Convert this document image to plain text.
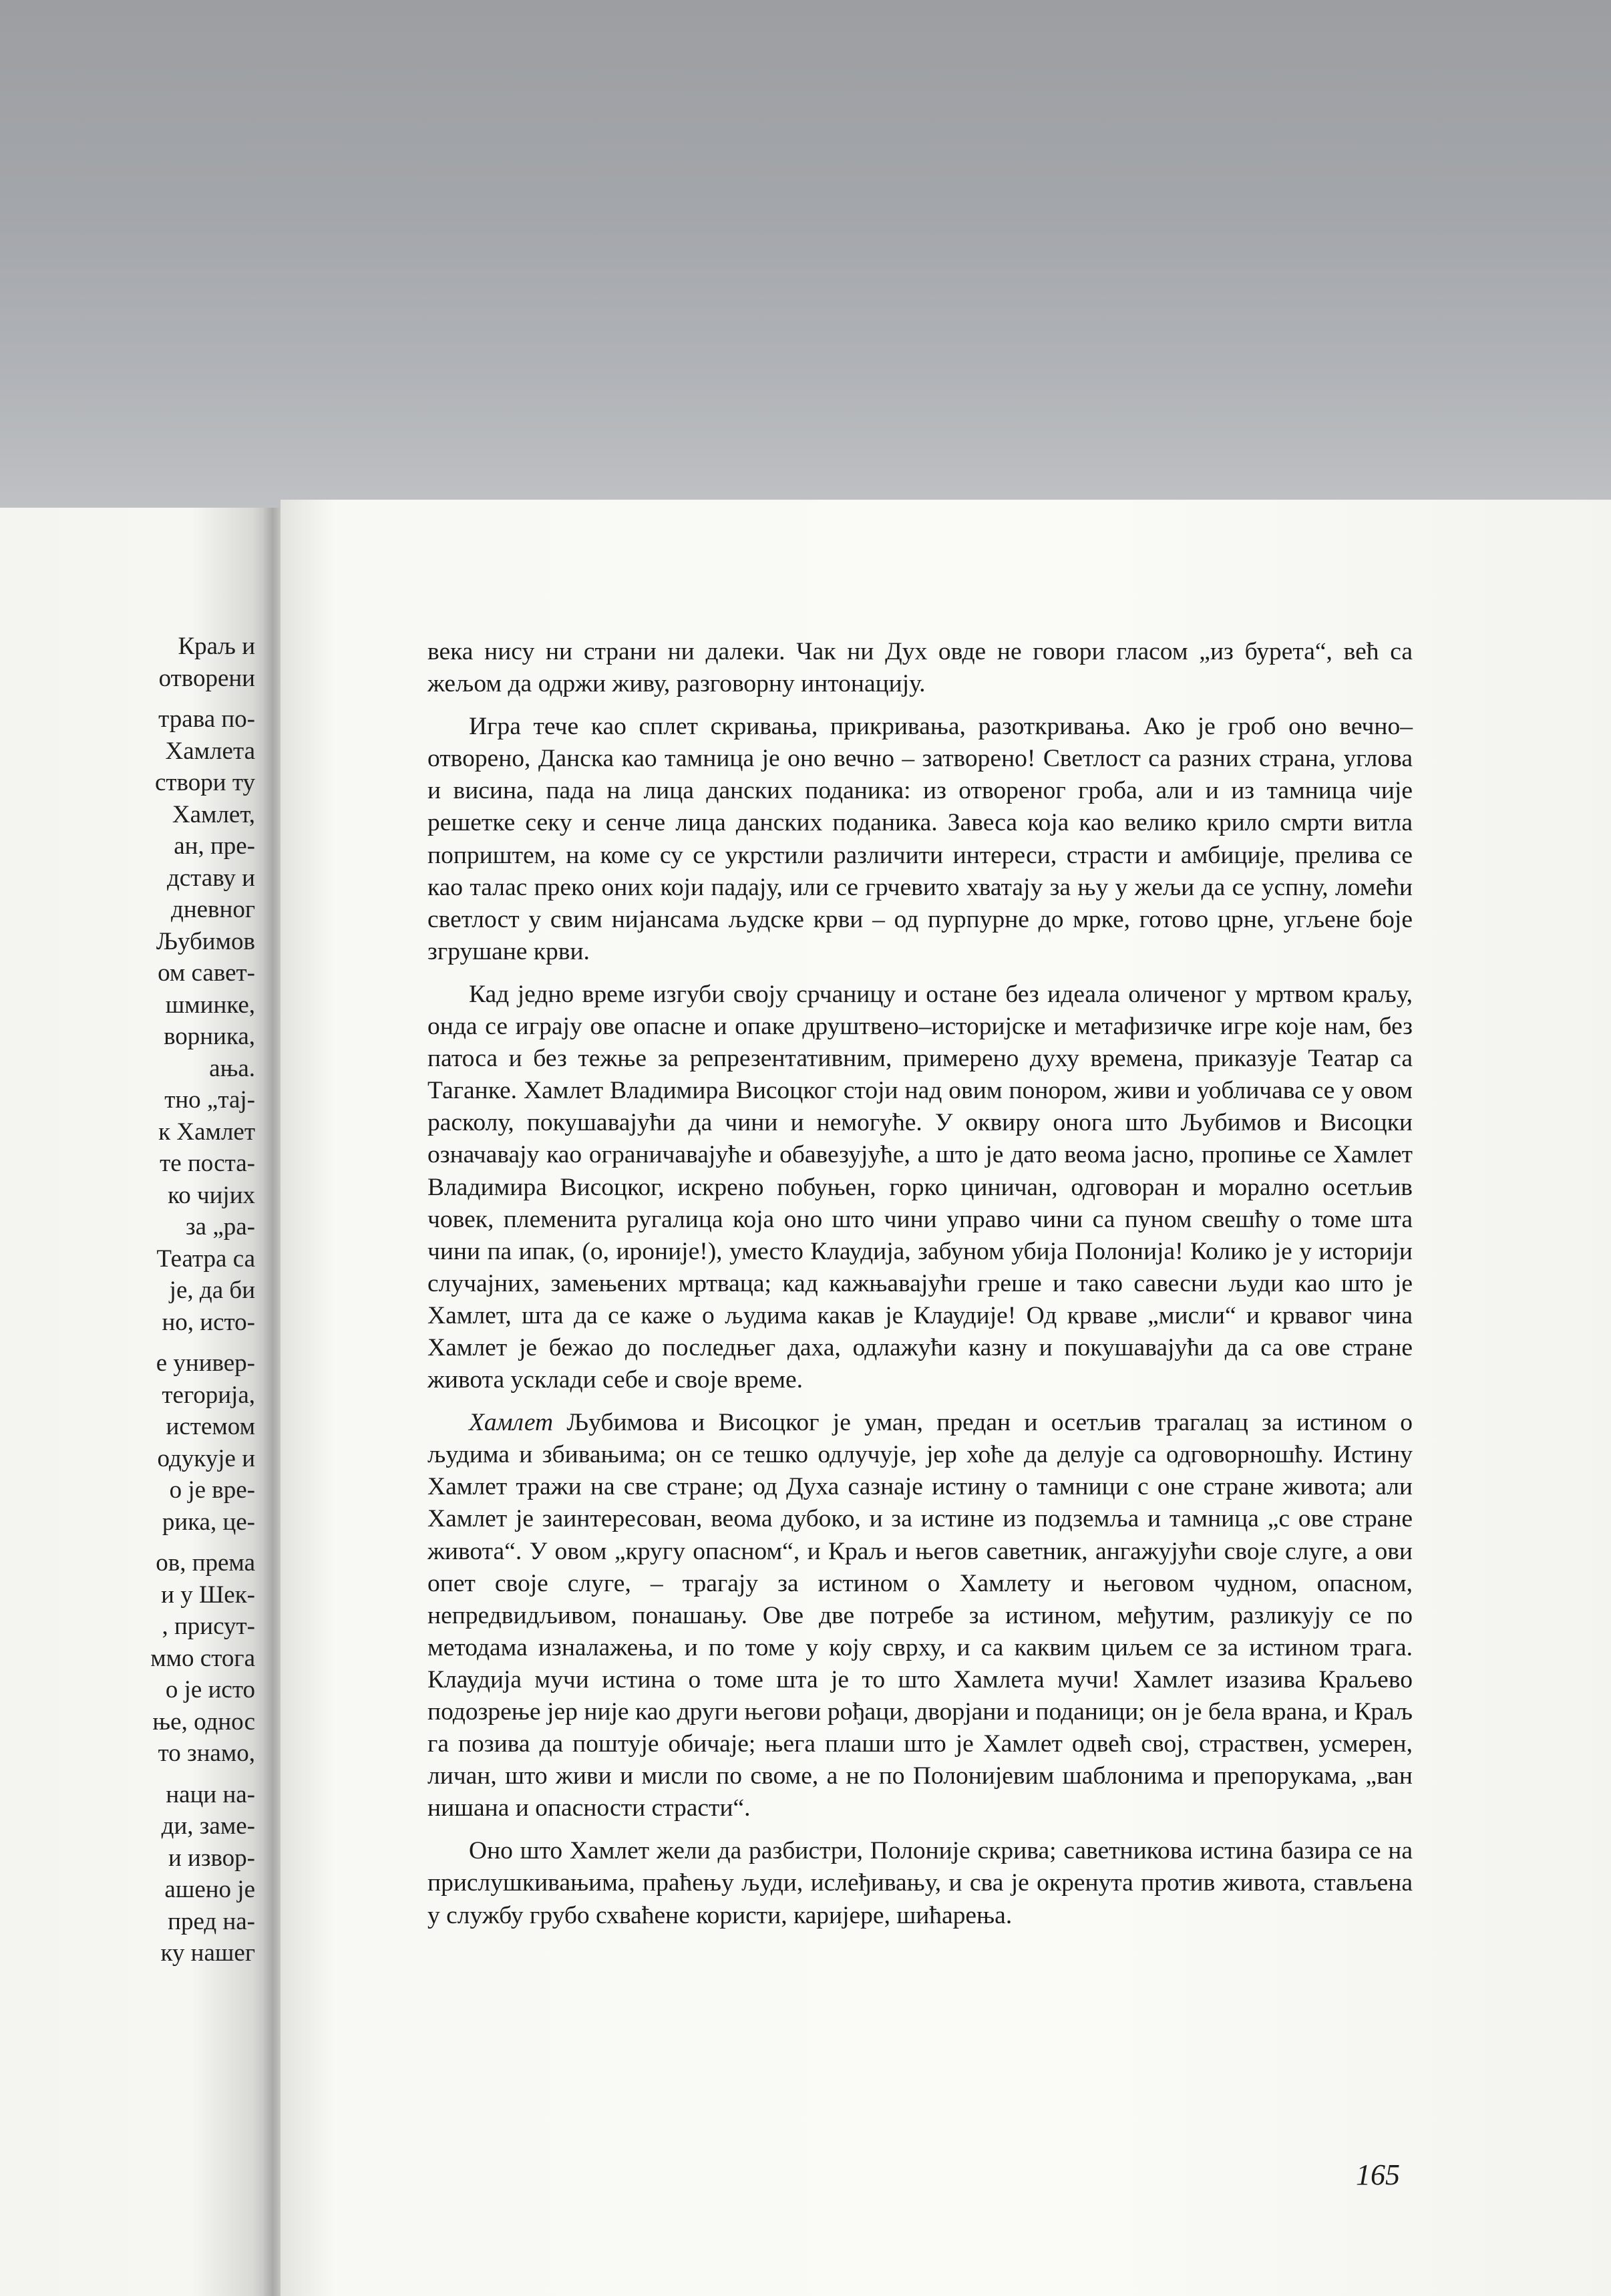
Краљ и
отворени
трава по-
Хамлета
створи ту
Хамлет,
ан, пре-
дставу и
дневног
Љубимов
ом савет-
шминке,
ворника,
ања.
тно „тај-
к Хамлет
те поста-
ко чијих
за „ра-
Театра са
је, да би
но, исто-
е универ-
тегорија,
истемом
одукује и
о је вре-
рика, це-
ов, према
и у Шек-
, присут-
ммо стога
о је исто
ње, однос
то знамо,
наци на-
ди, заме-
и извор-
ашено је
пред на-
ку нашег

века нису ни страни ни далеки. Чак ни Дух овде не говори гласом „из бурета“, већ са жељом да одржи живу, разговорну интонацију.

Игра тече као сплет скривања, прикривања, разоткривања. Ако је гроб оно вечно–отворено, Данска као тамница је оно вечно – затворено! Светлост са разних страна, углова и висина, пада на лица данских поданика: из отвореног гроба, али и из тамница чије решетке секу и сенче лица данских поданика. Завеса која као велико крило смрти витла поприштем, на коме су се укрстили различити интереси, страсти и амбиције, прелива се као талас преко оних који падају, или се грчевито хватају за њу у жељи да се успну, ломећи светлост у свим нијансама људске крви – од пурпурне до мрке, готово црне, угљене боје згрушане крви.

Кад једно време изгуби своју срчаницу и остане без идеала оличеног у мртвом краљу, онда се играју ове опасне и опаке друштвено–историјске и метафизичке игре које нам, без патоса и без тежње за репрезентативним, примерено духу времена, приказује Театар са Таганке. Хамлет Владимира Висоцког стоји над овим понором, живи и уобличава се у овом расколу, покушавајући да чини и немогуће. У оквиру онога што Љубимов и Висоцки означавају као ограничавајуће и обавезујуће, а што је дато веома јасно, пропиње се Хамлет Владимира Висоцког, искрено побуњен, горко циничан, одговоран и морално осетљив човек, племенита ругалица која оно што чини управо чини са пуном свешћу о томе шта чини па ипак, (о, ироније!), уместо Клаудија, забуном убија Полонија! Колико је у историји случајних, замењених мртваца; кад кажњавајући грешe и тако савесни људи као што је Хамлет, шта да се каже о људима какав је Клаудије! Од крваве „мисли“ и крвавог чина Хамлет је бежао до последњег даха, одлажући казну и покушавајући да са ове стране живота усклади себе и своје време.

Хамлет Љубимова и Висоцког је уман, предан и осетљив трагалац за истином о људима и збивањима; он се тешко одлучује, јер хоће да делује са одговорношћу. Истину Хамлет тражи на све стране; од Духа сазнаје истину о тамници с оне стране живота; али Хамлет је заинтересован, веома дубоко, и за истине из подземља и тамница „с ове стране живота“. У овом „кругу опасном“, и Краљ и његов саветник, ангажујући своје слуге, а ови опет своје слуге, – трагају за истином о Хамлету и његовом чудном, опасном, непредвидљивом, понашању. Ове две потребе за истином, међутим, разликују се по методама изналажења, и по томе у коју сврху, и са каквим циљем се за истином трага. Клаудија мучи истина о томе шта је то што Хамлета мучи! Хамлет изазива Краљево подозрење јер није као други његови рођаци, дворјани и поданици; он је бела врана, и Краљ га позива да поштује обичаје; њега плаши што је Хамлет одвећ свој, страствен, усмерен, личан, што живи и мисли по своме, а не по Полонијевим шаблонима и препорукама, „ван нишана и опасности страсти“.

Оно што Хамлет жели да разбистри, Полоније скрива; саветникова истина базира се на прислушкивањима, праћењу људи, ислеђивању, и сва је окренута против живота, стављена у службу грубо схваћене користи, каријере, шићарења.

165
